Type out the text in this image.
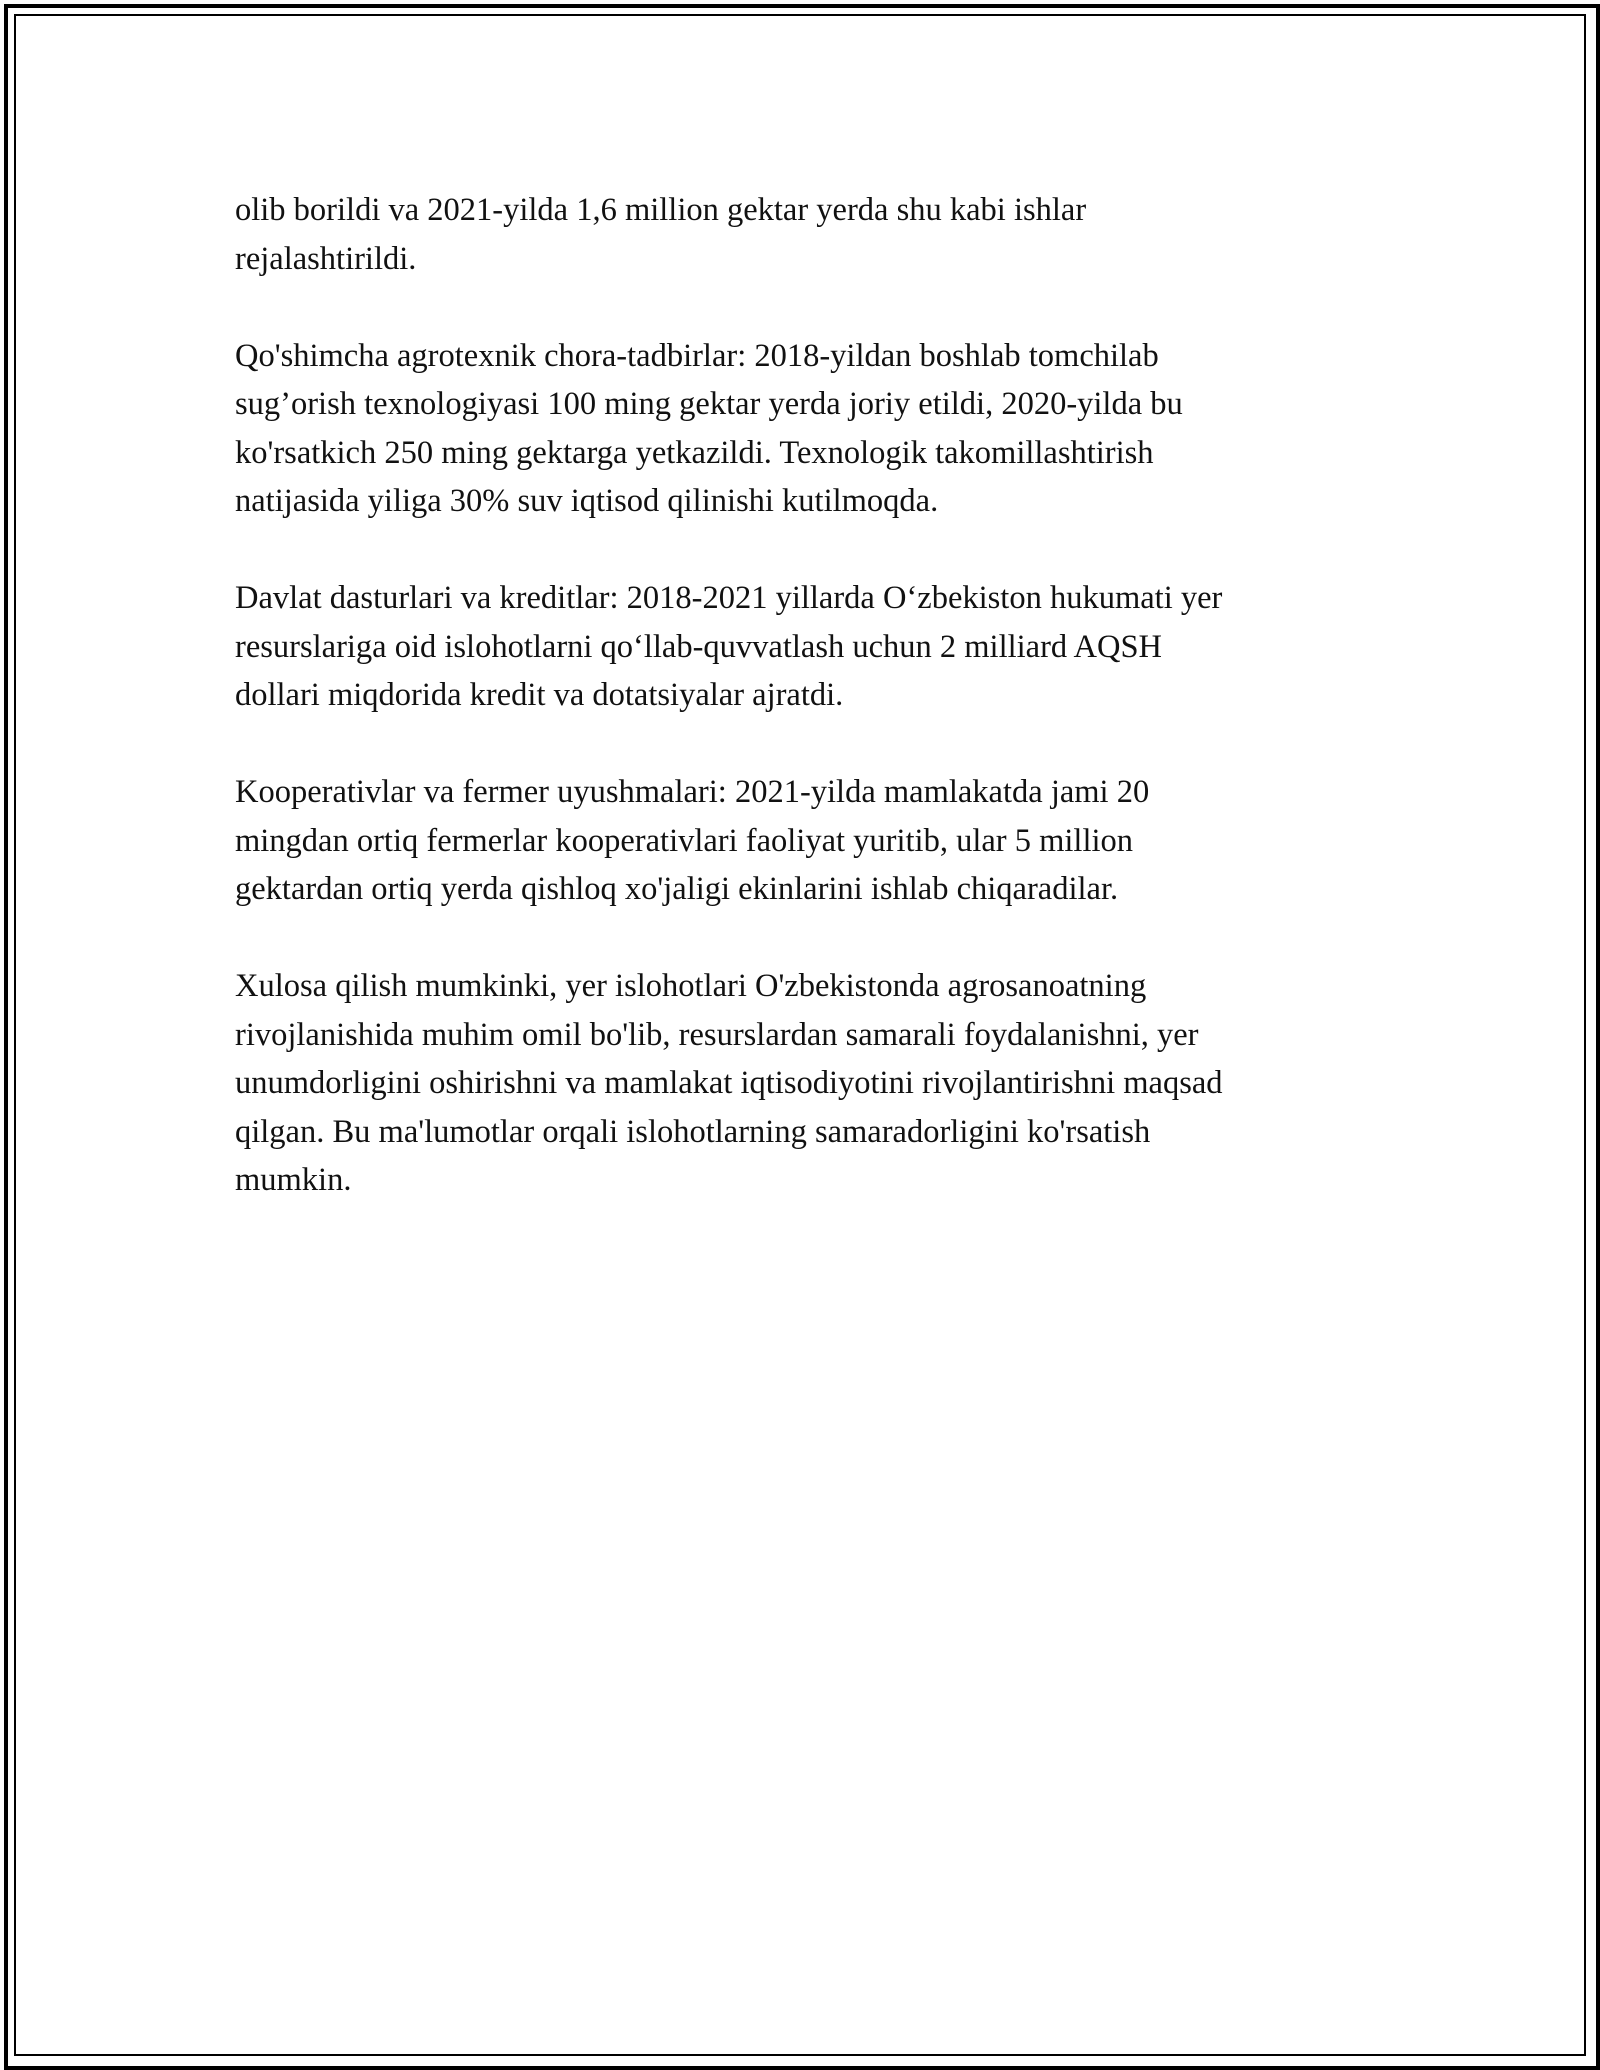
olib borildi va 2021-yilda 1,6 million gektar yerda shu kabi ishlar
rejalashtirildi.

Qo'shimcha agrotexnik chora-tadbirlar: 2018-yildan boshlab tomchilab
sug’orish texnologiyasi 100 ming gektar yerda joriy etildi, 2020-yilda bu
ko'rsatkich 250 ming gektarga yetkazildi. Texnologik takomillashtirish
natijasida yiliga 30% suv iqtisod qilinishi kutilmoqda.

Davlat dasturlari va kreditlar: 2018-2021 yillarda O‘zbekiston hukumati yer
resurslariga oid islohotlarni qo‘llab-quvvatlash uchun 2 milliard AQSH
dollari miqdorida kredit va dotatsiyalar ajratdi.

Kooperativlar va fermer uyushmalari: 2021-yilda mamlakatda jami 20
mingdan ortiq fermerlar kooperativlari faoliyat yuritib, ular 5 million
gektardan ortiq yerda qishloq xo'jaligi ekinlarini ishlab chiqaradilar.

Xulosa qilish mumkinki, yer islohotlari O'zbekistonda agrosanoatning
rivojlanishida muhim omil bo'lib, resurslardan samarali foydalanishni, yer
unumdorligini oshirishni va mamlakat iqtisodiyotini rivojlantirishni maqsad
qilgan. Bu ma'lumotlar orqali islohotlarning samaradorligini ko'rsatish
mumkin.
